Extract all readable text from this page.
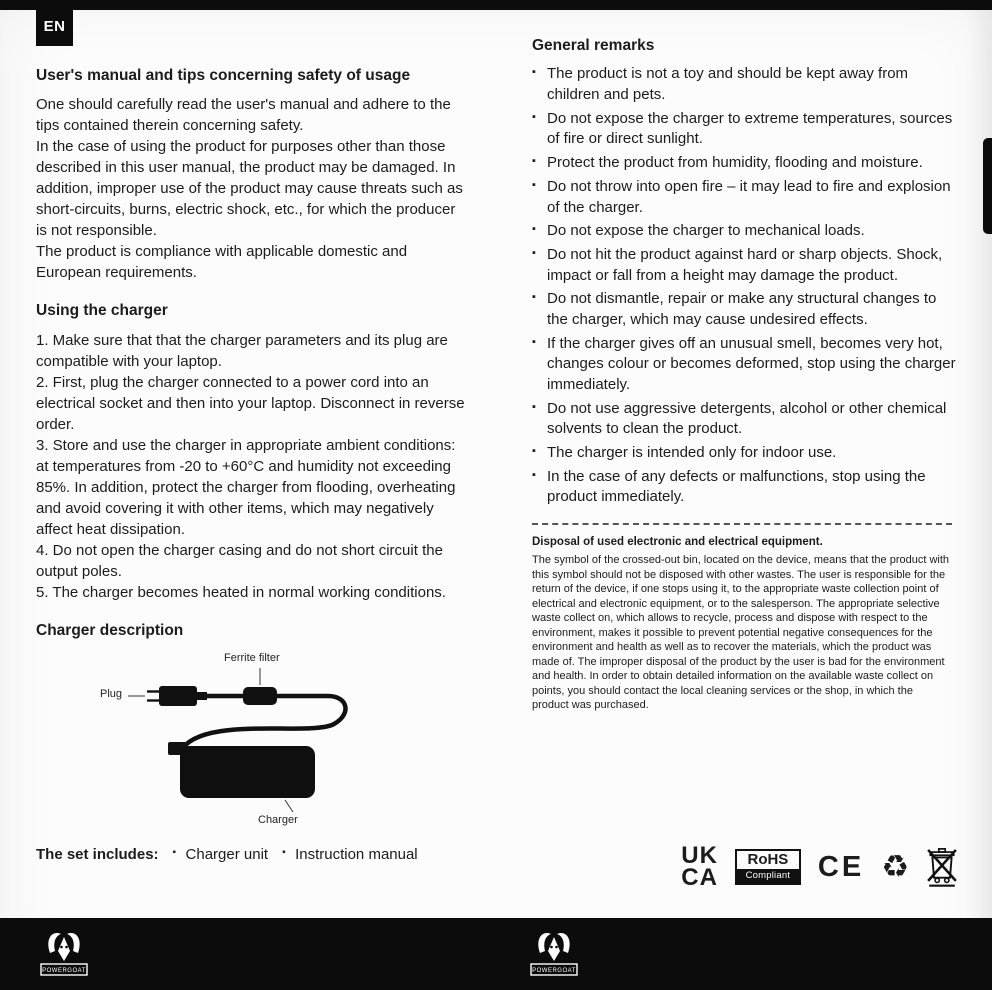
EN
User's manual and tips concerning safety of usage

One should carefully read the user's manual and adhere to the tips contained therein concerning safety.

In the case of using the product for purposes other than those described in this user manual, the product may be damaged. In addition, improper use of the product may cause threats such as short-circuits, burns, electric shock, etc., for which the producer is not responsible.

The product is compliance with applicable domestic and European requirements.

Using the charger

1. Make sure that that the charger parameters and its plug are compatible with your laptop.

2. First, plug the charger connected to a power cord into an electrical socket and then into your laptop. Disconnect in reverse order.

3. Store and use the charger in appropriate ambient conditions: at temperatures from -20 to +60°C and humidity not exceeding 85%. In addition, protect the charger from flooding, overheating and avoid covering it with other items, which may negatively affect heat dissipation.

4. Do not open the charger casing and do not short circuit the output poles.

5. The charger becomes heated in normal working conditions.

Charger description
Ferrite filter
Plug
Charger
The set includes:	▪ Charger unit	▪ Instruction manual
General remarks
▪ The product is not a toy and should be kept away from children and pets.
▪ Do not expose the charger to extreme temperatures, sources of fire or direct sunlight.
▪ Protect the product from humidity, flooding and moisture.
▪ Do not throw into open fire – it may lead to fire and explosion of the charger.
▪ Do not expose the charger to mechanical loads.
▪ Do not hit the product against hard or sharp objects. Shock, impact or fall from a height may damage the product.
▪ Do not dismantle, repair or make any structural changes to the charger, which may cause undesired effects.
▪ If the charger gives off an unusual smell, becomes very hot, changes colour or becomes deformed, stop using the charger immediately.
▪ Do not use aggressive detergents, alcohol or other chemical solvents to clean the product.
▪ The charger is intended only for indoor use.
▪ In the case of any defects or malfunctions, stop using the product immediately.
Disposal of used electronic and electrical equipment.

The symbol of the crossed-out bin, located on the device, means that the product with this symbol should not be disposed with other wastes. The user is responsible for the return of the device, if one stops using it, to the appropriate waste collection point of electrical and electronic equipment, or to the salesperson. The appropriate selective waste collect on, which allows to recycle, process and dispose with respect to the environment, makes it possible to prevent potential negative consequences for the environment and health as well as to recover the materials, which the product was made of. The improper disposal of the product by the user is bad for the environment and health. In order to obtain detailed information on the available waste collect on points, you should contact the local cleaning services or the shop, in which the product was purchased.

UK
CA
RoHS
Compliant CE ♻
